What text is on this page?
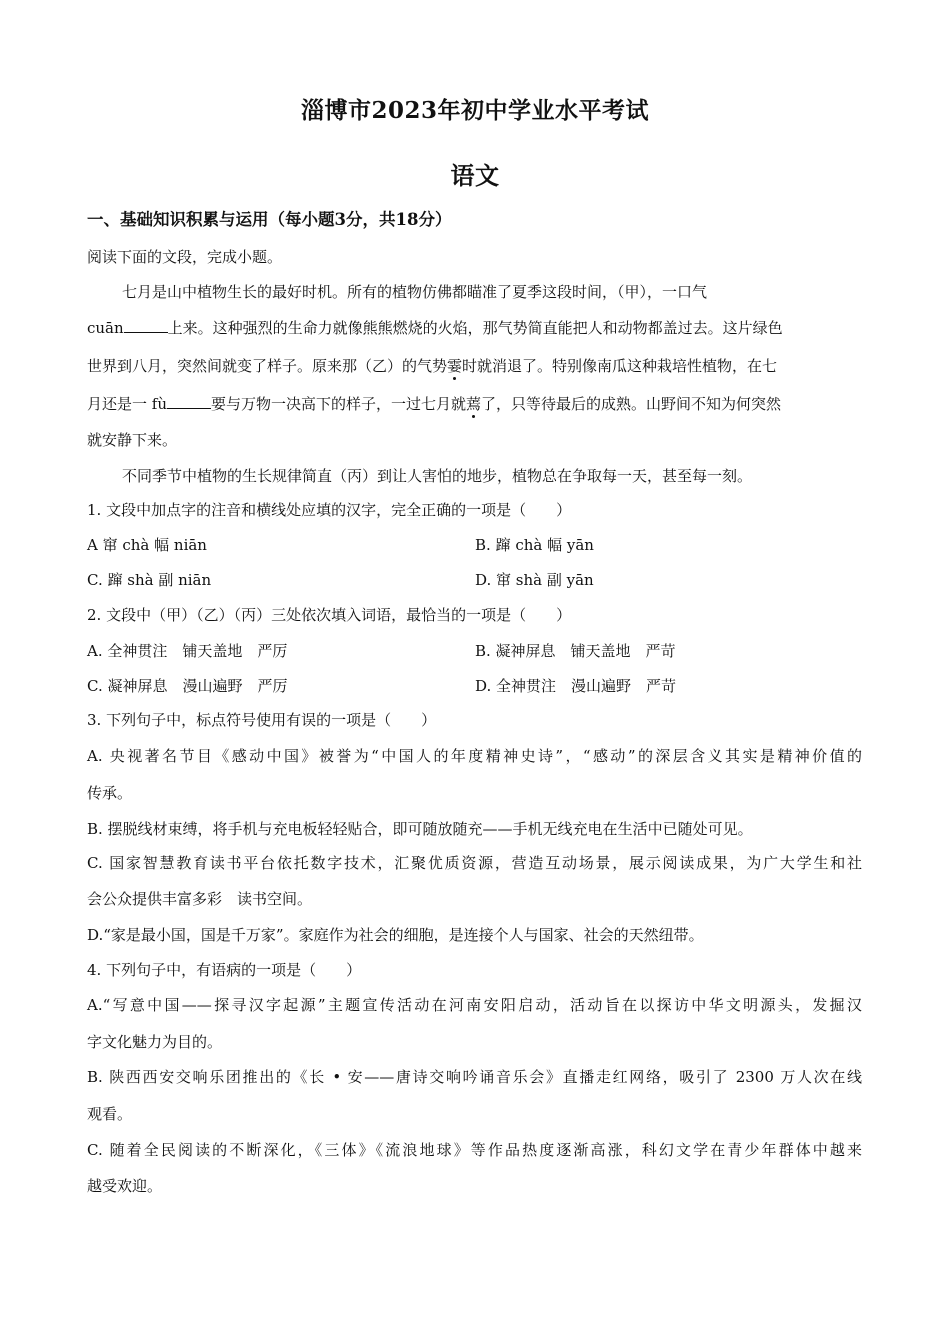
淄博市2023年初中学业水平考试
语文
一、基础知识积累与运用（每小题3分，共18分）
阅读下面的文段，完成小题。
七月是山中植物生长的最好时机。所有的植物仿佛都瞄准了夏季这段时间，（甲），一口气
cuān	上来。这种强烈的生命力就像熊熊燃烧的火焰，那气势简直能把人和动物都盖过去。这片绿色
世界到八月，突然间就变了样子。原来那（乙）的气势霎时就消退了。特别像南瓜这种栽培性植物，在七
月还是一 fù	要与万物一决高下的样子，一过七月就蔫了，只等待最后的成熟。山野间不知为何突然
就安静下来。
不同季节中植物的生长规律简直（丙）到让人害怕的地步，植物总在争取每一天，甚至每一刻。
1. 文段中加点字的注音和横线处应填的汉字，完全正确的一项是（　　）
A 窜 chà 幅 niān	B. 蹿 chà 幅 yān
C. 蹿 shà 副 niān	D. 窜 shà 副 yān
2. 文段中（甲）（乙）（丙）三处依次填入词语，最恰当的一项是（　　）
A. 全神贯注　铺天盖地　严厉	B. 凝神屏息　铺天盖地　严苛
C. 凝神屏息　漫山遍野　严厉	D. 全神贯注　漫山遍野　严苛
3. 下列句子中，标点符号使用有误的一项是（　　）
A. 央视著名节目《感动中国》被誉为“中国人的年度精神史诗”，“感动”的深层含义其实是精神价值的
传承。
B. 摆脱线材束缚，将手机与充电板轻轻贴合，即可随放随充——手机无线充电在生活中已随处可见。
C. 国家智慧教育读书平台依托数字技术，汇聚优质资源，营造互动场景，展示阅读成果，为广大学生和社
会公众提供丰富多彩　读书空间。
D.“家是最小国，国是千万家”。家庭作为社会的细胞，是连接个人与国家、社会的天然纽带。
4. 下列句子中，有语病的一项是（　　）
A.“写意中国——探寻汉字起源”主题宣传活动在河南安阳启动，活动旨在以探访中华文明源头，发掘汉
字文化魅力为目的。
B. 陕西西安交响乐团推出的《长 • 安——唐诗交响吟诵音乐会》直播走红网络，吸引了 2300 万人次在线
观看。
C. 随着全民阅读的不断深化，《三体》《流浪地球》等作品热度逐渐高涨，科幻文学在青少年群体中越来
越受欢迎。
